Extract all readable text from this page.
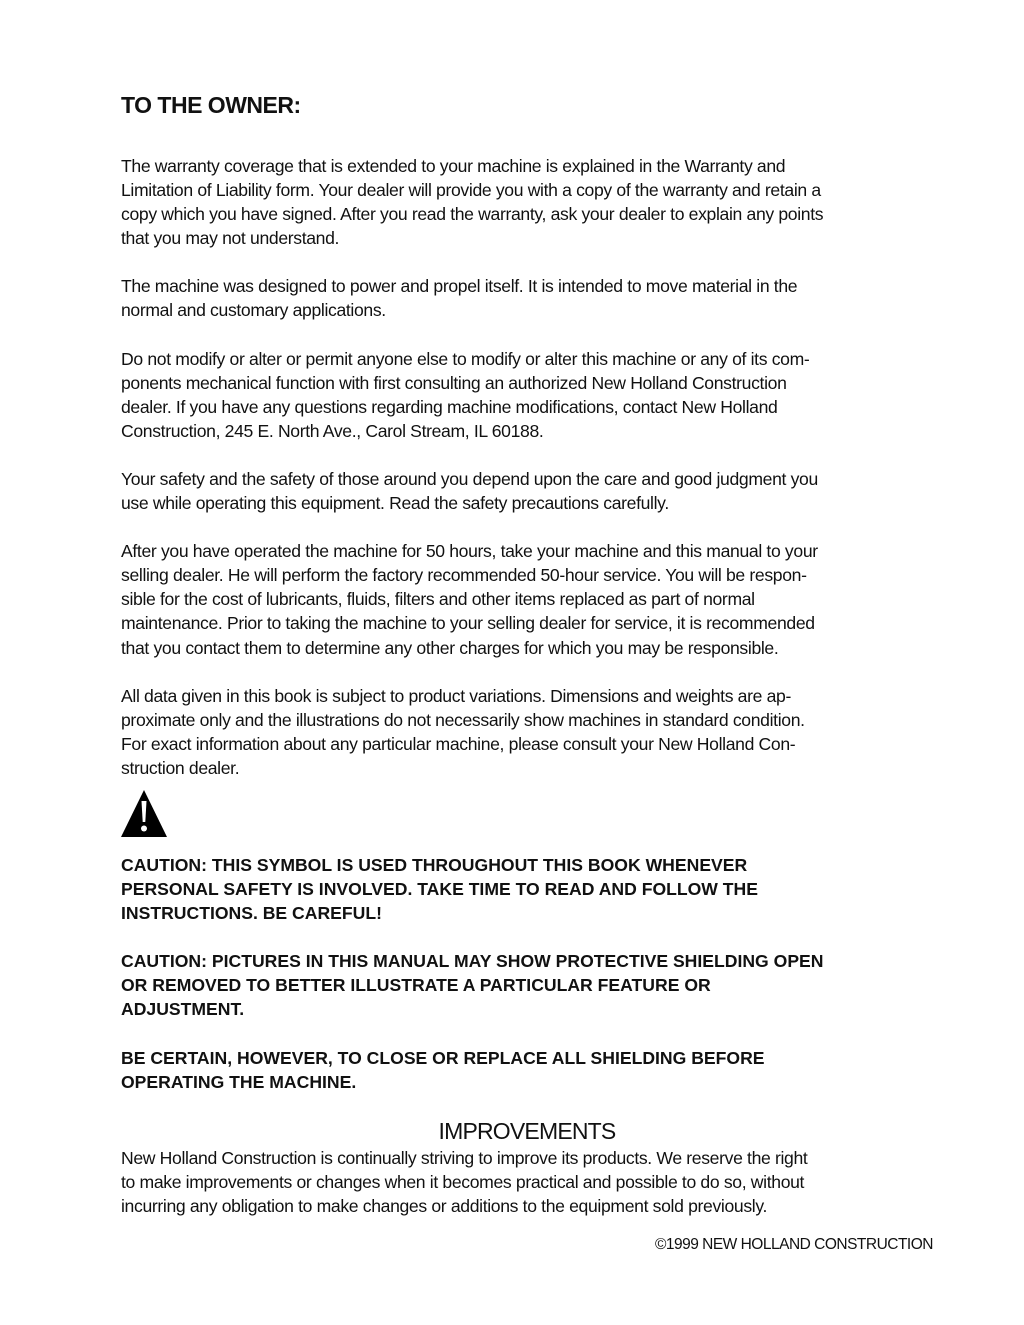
TO THE OWNER:

The warranty coverage that is extended to your machine is explained in the Warranty and
Limitation of Liability form. Your dealer will provide you with a copy of the warranty and retain a
copy which you have signed. After you read the warranty, ask your dealer to explain any points
that you may not understand.

The machine was designed to power and propel itself. It is intended to move material in the
normal and customary applications.

Do not modify or alter or permit anyone else to modify or alter this machine or any of its com-
ponents mechanical function with first consulting an authorized New Holland Construction
dealer. If you have any questions regarding machine modifications, contact New Holland
Construction, 245 E. North Ave., Carol Stream, IL 60188.

Your safety and the safety of those around you depend upon the care and good judgment you
use while operating this equipment. Read the safety precautions carefully.

After you have operated the machine for 50 hours, take your machine and this manual to your
selling dealer. He will perform the factory recommended 50-hour service. You will be respon-
sible for the cost of lubricants, fluids, filters and other items replaced as part of normal
maintenance. Prior to taking the machine to your selling dealer for service, it is recommended
that you contact them to determine any other charges for which you may be responsible.

All data given in this book is subject to product variations. Dimensions and weights are ap-
proximate only and the illustrations do not necessarily show machines in standard condition.
For exact information about any particular machine, please consult your New Holland Con-
struction dealer.

CAUTION: THIS SYMBOL IS USED THROUGHOUT THIS BOOK WHENEVER
PERSONAL SAFETY IS INVOLVED. TAKE TIME TO READ AND FOLLOW THE
INSTRUCTIONS. BE CAREFUL!

CAUTION: PICTURES IN THIS MANUAL MAY SHOW PROTECTIVE SHIELDING OPEN
OR REMOVED TO BETTER ILLUSTRATE A PARTICULAR FEATURE OR
ADJUSTMENT.

BE CERTAIN, HOWEVER, TO CLOSE OR REPLACE ALL SHIELDING BEFORE
OPERATING THE MACHINE.

IMPROVEMENTS

New Holland Construction is continually striving to improve its products. We reserve the right
to make improvements or changes when it becomes practical and possible to do so, without
incurring any obligation to make changes or additions to the equipment sold previously.

©1999 NEW HOLLAND CONSTRUCTION
